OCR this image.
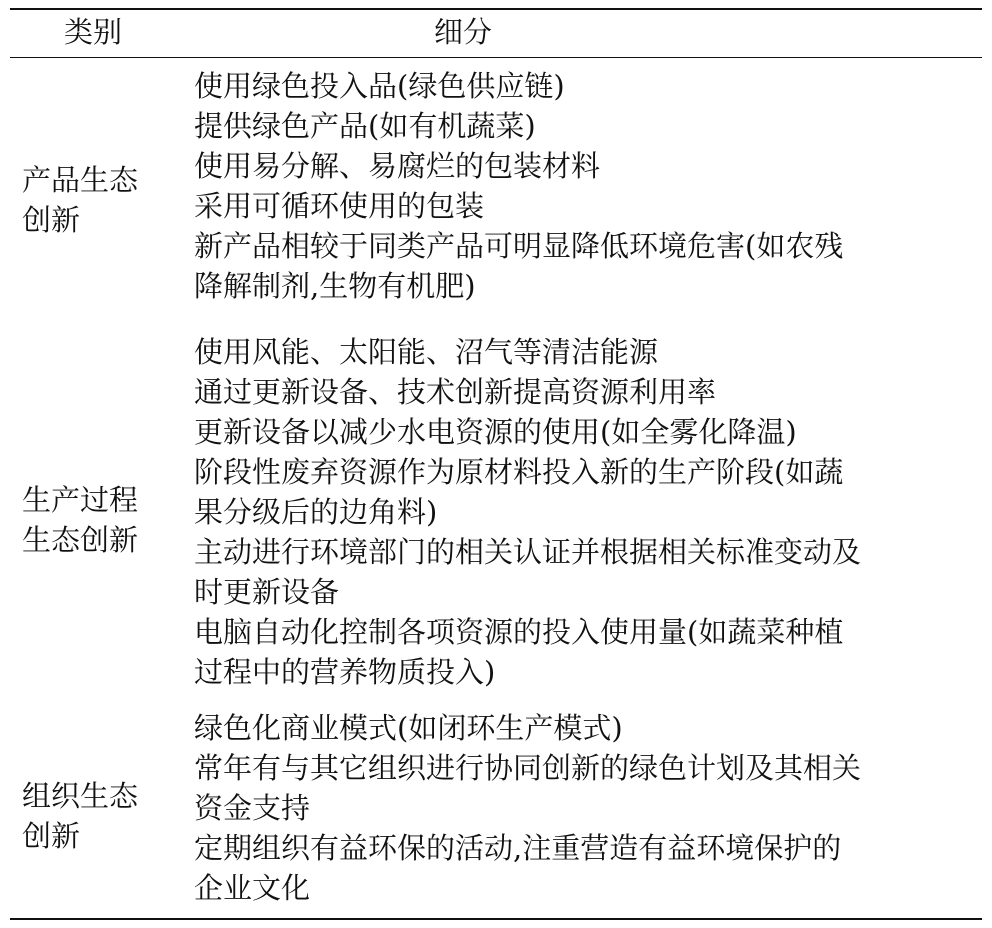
类别	细分
产品生态
创新
使用绿色投入品(绿色供应链)
提供绿色产品(如有机蔬菜)
使用易分解、易腐烂的包装材料
采用可循环使用的包装
新产品相较于同类产品可明显降低环境危害(如农残
降解制剂,生物有机肥)
生产过程
生态创新
使用风能、太阳能、沼气等清洁能源
通过更新设备、技术创新提高资源利用率
更新设备以减少水电资源的使用(如全雾化降温)
阶段性废弃资源作为原材料投入新的生产阶段(如蔬
果分级后的边角料)
主动进行环境部门的相关认证并根据相关标准变动及
时更新设备
电脑自动化控制各项资源的投入使用量(如蔬菜种植
过程中的营养物质投入)
组织生态
创新
绿色化商业模式(如闭环生产模式)
常年有与其它组织进行协同创新的绿色计划及其相关
资金支持
定期组织有益环保的活动,注重营造有益环境保护的
企业文化
